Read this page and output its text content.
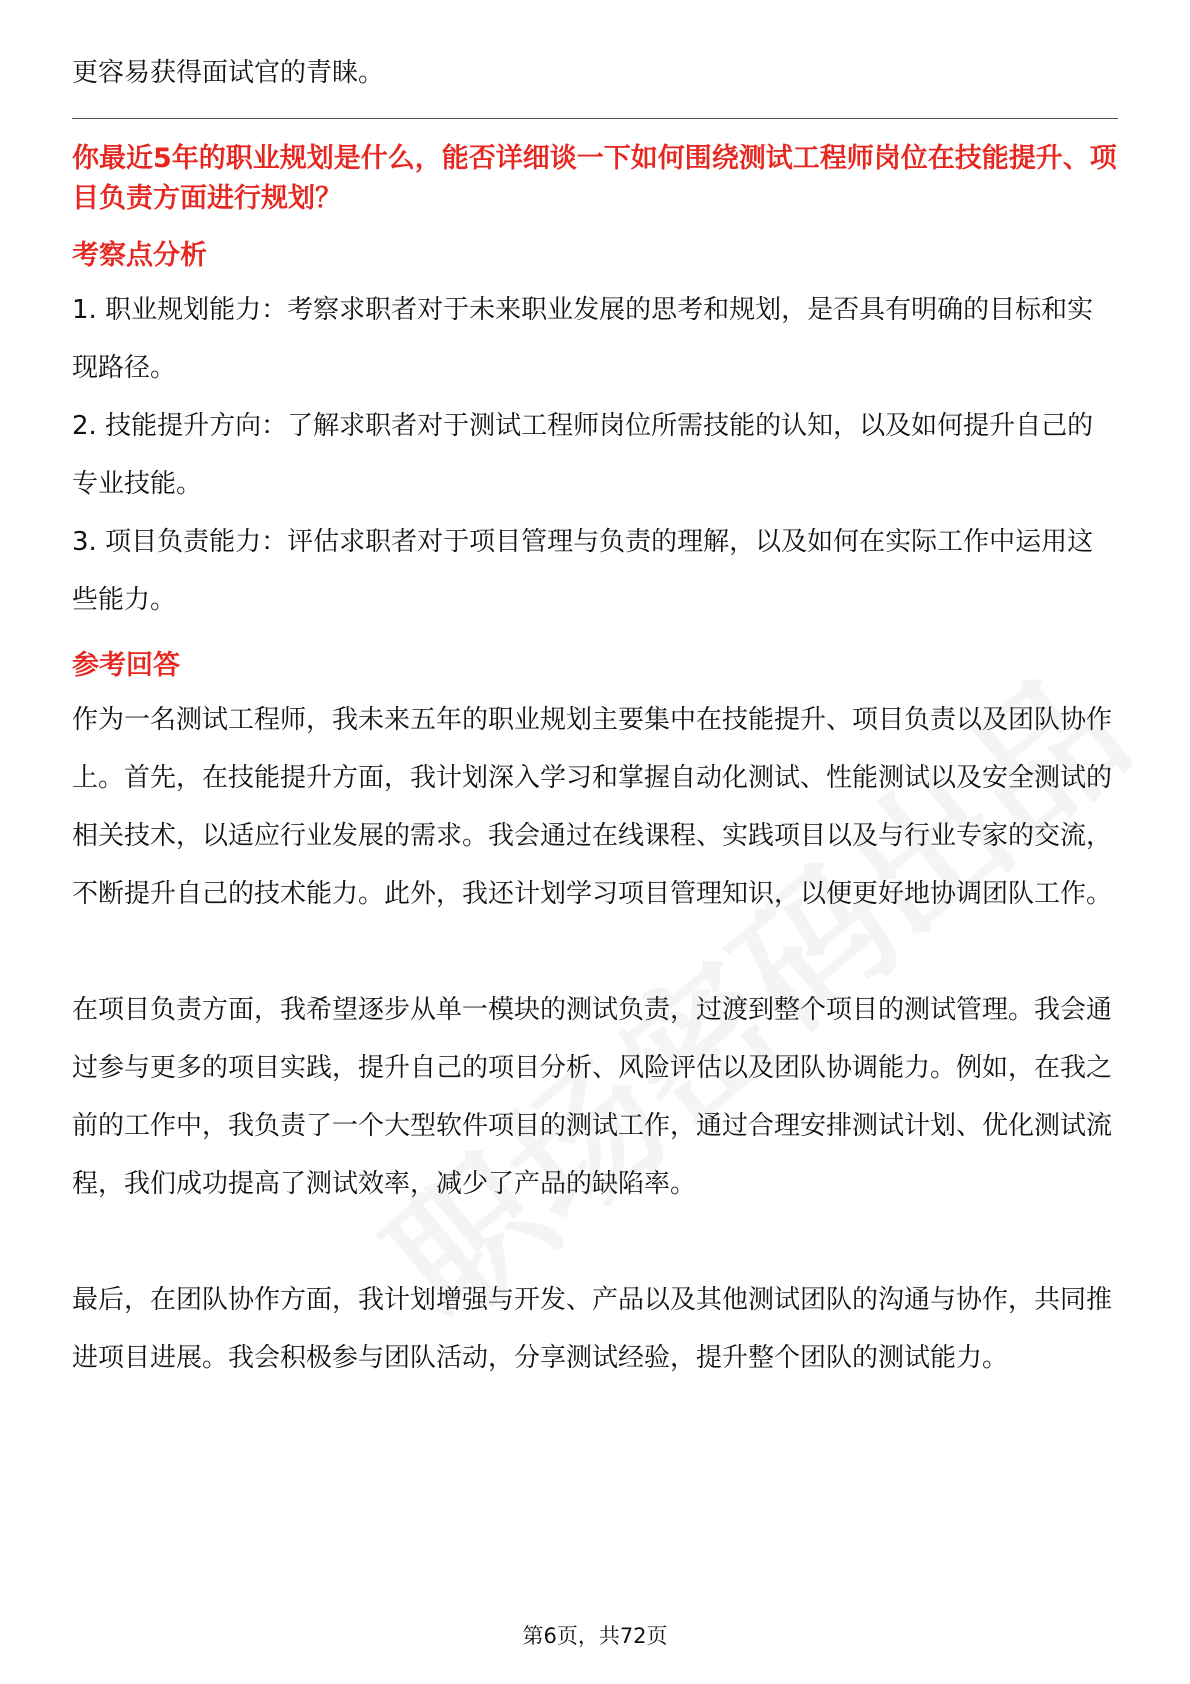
更容易获得面试官的青睐。

你最近5年的职业规划是什么，能否详细谈一下如何围绕测试工程师岗位在技能提升、项目负责方面进行规划？

考察点分析

1. 职业规划能力：考察求职者对于未来职业发展的思考和规划，是否具有明确的目标和实现路径。

2. 技能提升方向：了解求职者对于测试工程师岗位所需技能的认知，以及如何提升自己的专业技能。

3. 项目负责能力：评估求职者对于项目管理与负责的理解，以及如何在实际工作中运用这些能力。

参考回答

作为一名测试工程师，我未来五年的职业规划主要集中在技能提升、项目负责以及团队协作上。首先，在技能提升方面，我计划深入学习和掌握自动化测试、性能测试以及安全测试的相关技术，以适应行业发展的需求。我会通过在线课程、实践项目以及与行业专家的交流，不断提升自己的技术能力。此外，我还计划学习项目管理知识，以便更好地协调团队工作。

在项目负责方面，我希望逐步从单一模块的测试负责，过渡到整个项目的测试管理。我会通过参与更多的项目实践，提升自己的项目分析、风险评估以及团队协调能力。例如，在我之前的工作中，我负责了一个大型软件项目的测试工作，通过合理安排测试计划、优化测试流程，我们成功提高了测试效率，减少了产品的缺陷率。

最后，在团队协作方面，我计划增强与开发、产品以及其他测试团队的沟通与协作，共同推进项目进展。我会积极参与团队活动，分享测试经验，提升整个团队的测试能力。

第6页，共72页
